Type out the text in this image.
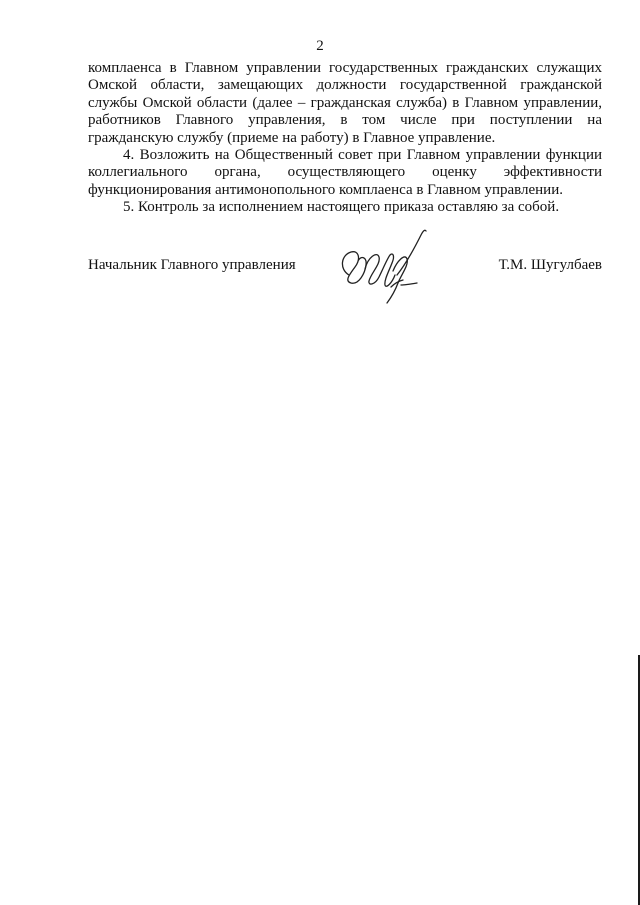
2

комплаенса в Главном управлении государственных гражданских служащих
Омской области, замещающих должности государственной гражданской
службы Омской области (далее – гражданская служба) в Главном управлении,
работников Главного управления, в том числе при поступлении на
гражданскую службу (приеме на работу) в Главное управление.

4. Возложить на Общественный совет при Главном управлении функции
коллегиального органа, осуществляющего оценку эффективности
функционирования антимонопольного комплаенса в Главном управлении.

5. Контроль за исполнением настоящего приказа оставляю за собой.

Начальник Главного управления	Т.М. Шугулбаев
